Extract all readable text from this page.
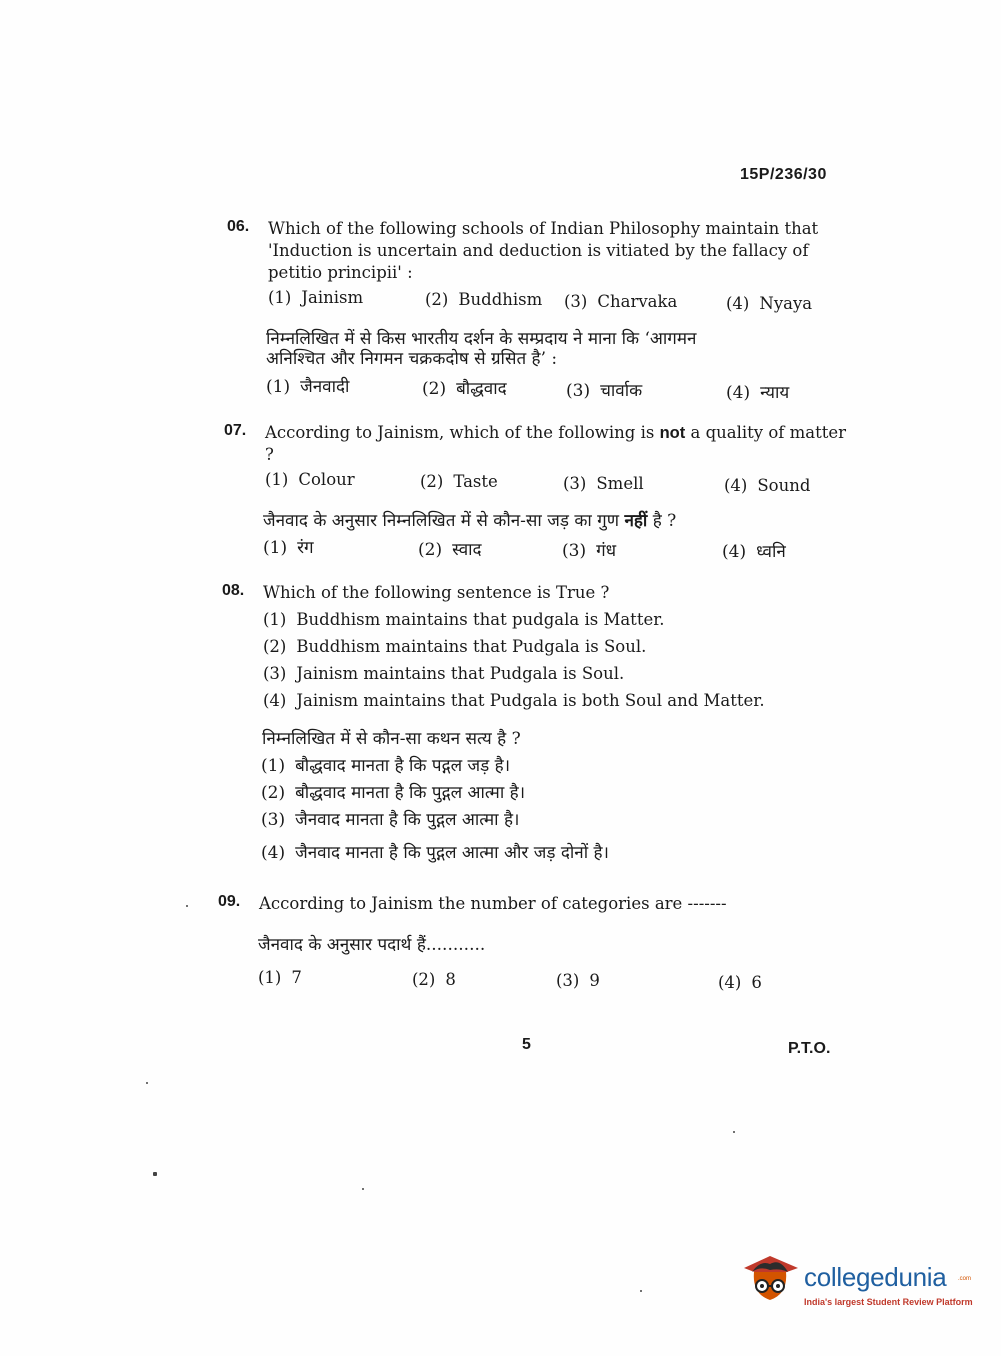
15P/236/30
06. Which of the following schools of Indian Philosophy maintain that 'Induction is uncertain and deduction is vitiated by the fallacy of petitio principii' :
(1) Jainism	(2) Buddhism (3) Charvaka	(4) Nyaya
निम्नलिखित में से किस भारतीय दर्शन के सम्प्रदाय ने माना कि ‘आगमन
अनिश्चित और निगमन चक्रकदोष से ग्रसित है’ :
(1) जैनवादी	(2) बौद्धवाद	(3) चार्वाक	(4) न्याय
07. According to Jainism, which of the following is not a quality of matter ?
(1) Colour	(2) Taste	(3) Smell	(4) Sound
जैनवाद के अनुसार निम्नलिखित में से कौन-सा जड़ का गुण नहीं है ?
(1) रंग	(2) स्वाद	(3) गंध	(4) ध्वनि
08. Which of the following sentence is True ?
(1) Buddhism maintains that pudgala is Matter.
(2) Buddhism maintains that Pudgala is Soul.
(3) Jainism maintains that Pudgala is Soul.
(4) Jainism maintains that Pudgala is both Soul and Matter.
निम्नलिखित में से कौन-सा कथन सत्य है ?
(1) बौद्धवाद मानता है कि पद्गल जड़ है।
(2) बौद्धवाद मानता है कि पुद्गल आत्मा है।
(3) जैनवाद मानता है कि पुद्गल आत्मा है।
(4) जैनवाद मानता है कि पुद्गल आत्मा और जड़ दोनों है।
09. According to Jainism the number of categories are -------
जैनवाद के अनुसार पदार्थ हैं...........
(1) 7	(2) 8	(3) 9	(4) 6
5	P.T.O.
collegedunia .com
India's largest Student Review Platform
